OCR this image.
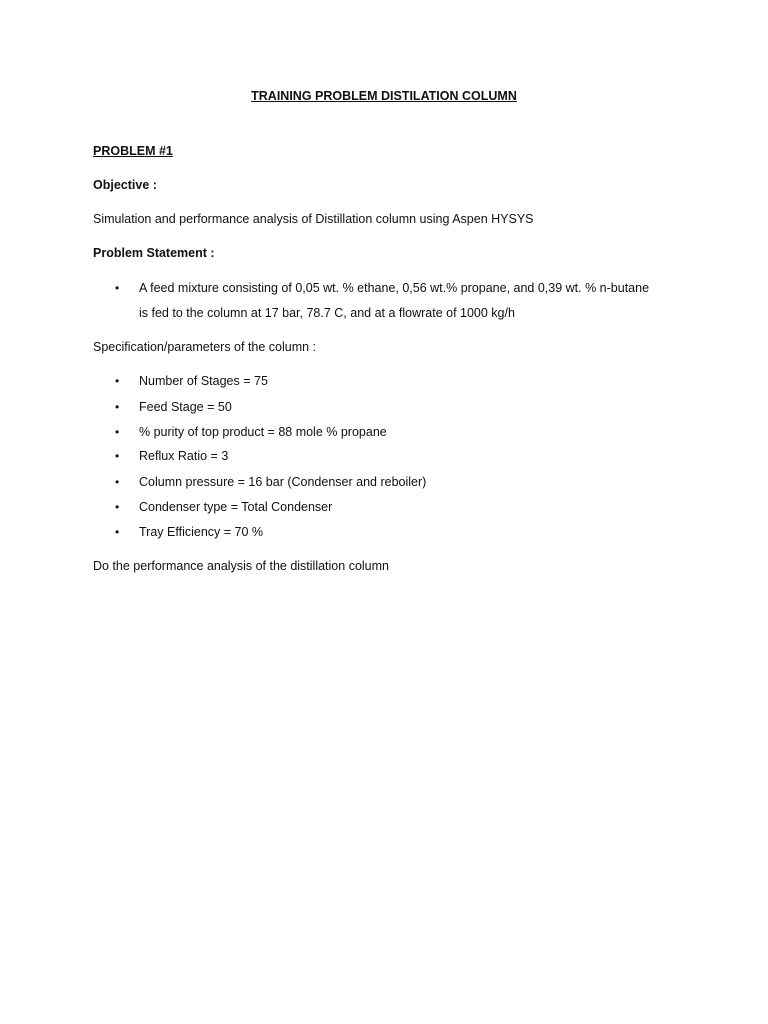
TRAINING PROBLEM DISTILATION COLUMN
PROBLEM #1
Objective :
Simulation and performance analysis of Distillation column using Aspen HYSYS
Problem Statement :
•	A feed mixture consisting of 0,05 wt. % ethane, 0,56 wt.% propane, and 0,39 wt. % n-butane
is fed to the column at 17 bar, 78.7 C, and at a flowrate of 1000 kg/h
Specification/parameters of the column :
•	Number of Stages = 75
•	Feed Stage = 50
•	% purity of top product = 88 mole % propane
•	Reflux Ratio = 3
•	Column pressure = 16 bar (Condenser and reboiler)
•	Condenser type = Total Condenser
•	Tray Efficiency = 70 %
Do the performance analysis of the distillation column
